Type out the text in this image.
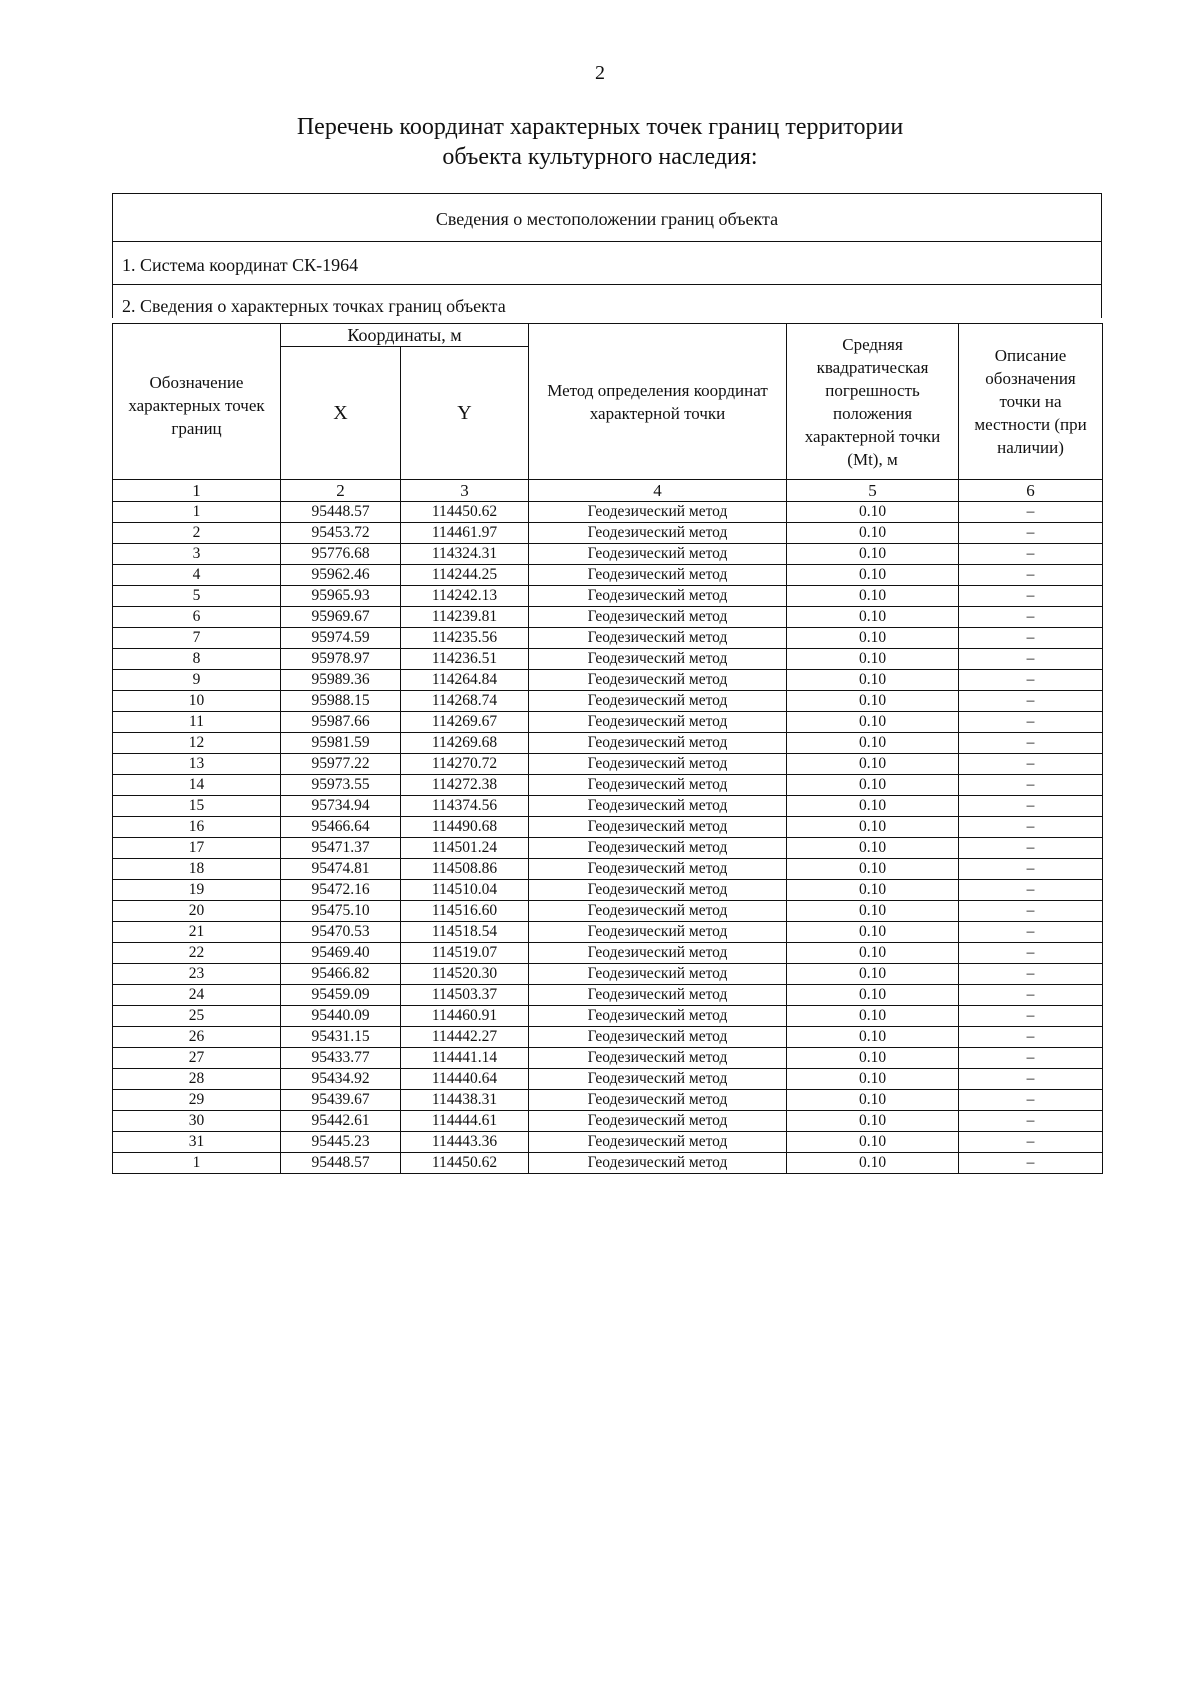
2
Перечень координат характерных точек границ территории
объекта культурного наследия:
Сведения о местоположении границ объекта
1. Система координат СК-1964
2. Сведения о характерных точках границ объекта
Обозначение характерных точек границ	Координаты, м		Метод определения координат характерной точки	Средняя квадратическая погрешность положения характерной точки (Mt), м	Описание обозначения точки на местности (при наличии)
	X	Y			
1	2	3	4	5	6
1	95448.57	114450.62	Геодезический метод	0.10	–
2	95453.72	114461.97	Геодезический метод	0.10	–
3	95776.68	114324.31	Геодезический метод	0.10	–
4	95962.46	114244.25	Геодезический метод	0.10	–
5	95965.93	114242.13	Геодезический метод	0.10	–
6	95969.67	114239.81	Геодезический метод	0.10	–
7	95974.59	114235.56	Геодезический метод	0.10	–
8	95978.97	114236.51	Геодезический метод	0.10	–
9	95989.36	114264.84	Геодезический метод	0.10	–
10	95988.15	114268.74	Геодезический метод	0.10	–
11	95987.66	114269.67	Геодезический метод	0.10	–
12	95981.59	114269.68	Геодезический метод	0.10	–
13	95977.22	114270.72	Геодезический метод	0.10	–
14	95973.55	114272.38	Геодезический метод	0.10	–
15	95734.94	114374.56	Геодезический метод	0.10	–
16	95466.64	114490.68	Геодезический метод	0.10	–
17	95471.37	114501.24	Геодезический метод	0.10	–
18	95474.81	114508.86	Геодезический метод	0.10	–
19	95472.16	114510.04	Геодезический метод	0.10	–
20	95475.10	114516.60	Геодезический метод	0.10	–
21	95470.53	114518.54	Геодезический метод	0.10	–
22	95469.40	114519.07	Геодезический метод	0.10	–
23	95466.82	114520.30	Геодезический метод	0.10	–
24	95459.09	114503.37	Геодезический метод	0.10	–
25	95440.09	114460.91	Геодезический метод	0.10	–
26	95431.15	114442.27	Геодезический метод	0.10	–
27	95433.77	114441.14	Геодезический метод	0.10	–
28	95434.92	114440.64	Геодезический метод	0.10	–
29	95439.67	114438.31	Геодезический метод	0.10	–
30	95442.61	114444.61	Геодезический метод	0.10	–
31	95445.23	114443.36	Геодезический метод	0.10	–
1	95448.57	114450.62	Геодезический метод	0.10	–
